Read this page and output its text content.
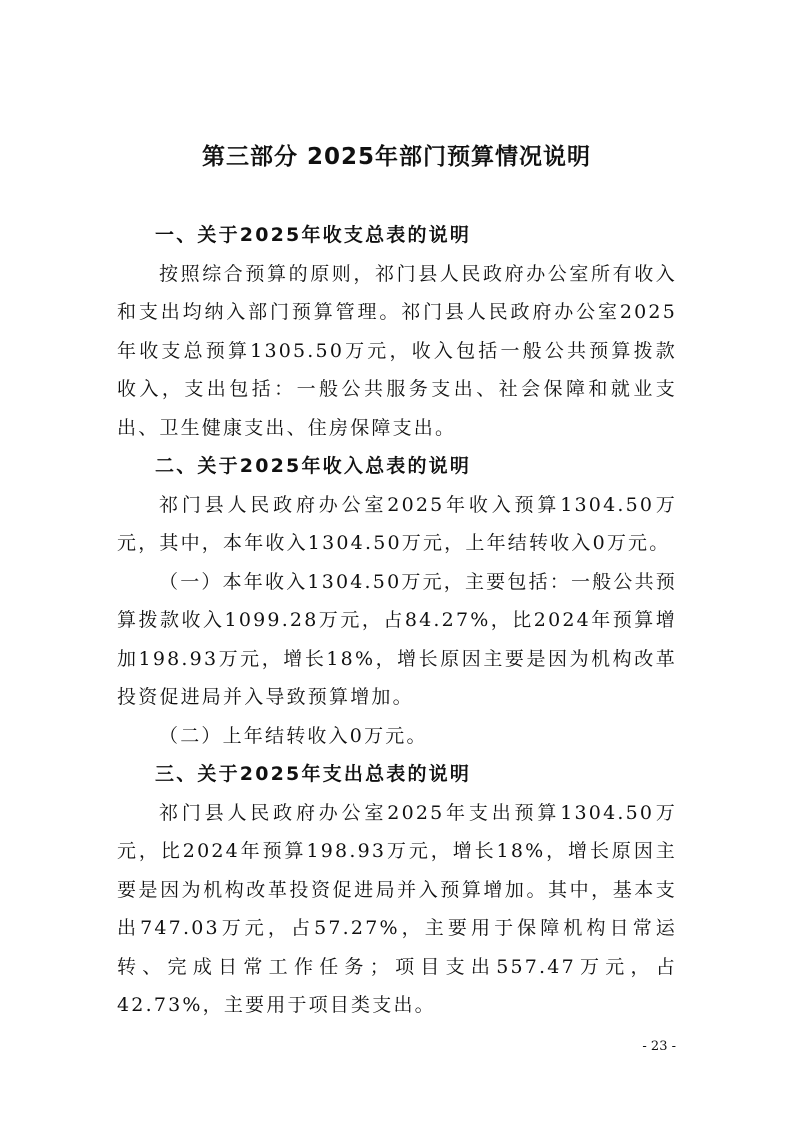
第三部分 2025年部门预算情况说明

一、关于2025年收支总表的说明

按照综合预算的原则，祁门县人民政府办公室所有收入和支出均纳入部门预算管理。祁门县人民政府办公室2025年收支总预算1305.50万元，收入包括一般公共预算拨款收入，支出包括：一般公共服务支出、社会保障和就业支出、卫生健康支出、住房保障支出。

二、关于2025年收入总表的说明

祁门县人民政府办公室2025年收入预算1304.50万元，其中，本年收入1304.50万元，上年结转收入0万元。

（一）本年收入1304.50万元，主要包括：一般公共预算拨款收入1099.28万元，占84.27%，比2024年预算增加198.93万元，增长18%，增长原因主要是因为机构改革投资促进局并入导致预算增加。

（二）上年结转收入0万元。

三、关于2025年支出总表的说明

祁门县人民政府办公室2025年支出预算1304.50万元，比2024年预算198.93万元，增长18%，增长原因主要是因为机构改革投资促进局并入预算增加。其中，基本支出747.03万元，占57.27%，主要用于保障机构日常运转、完成日常工作任务；项目支出557.47万元，占42.73%，主要用于项目类支出。

- 23 -
